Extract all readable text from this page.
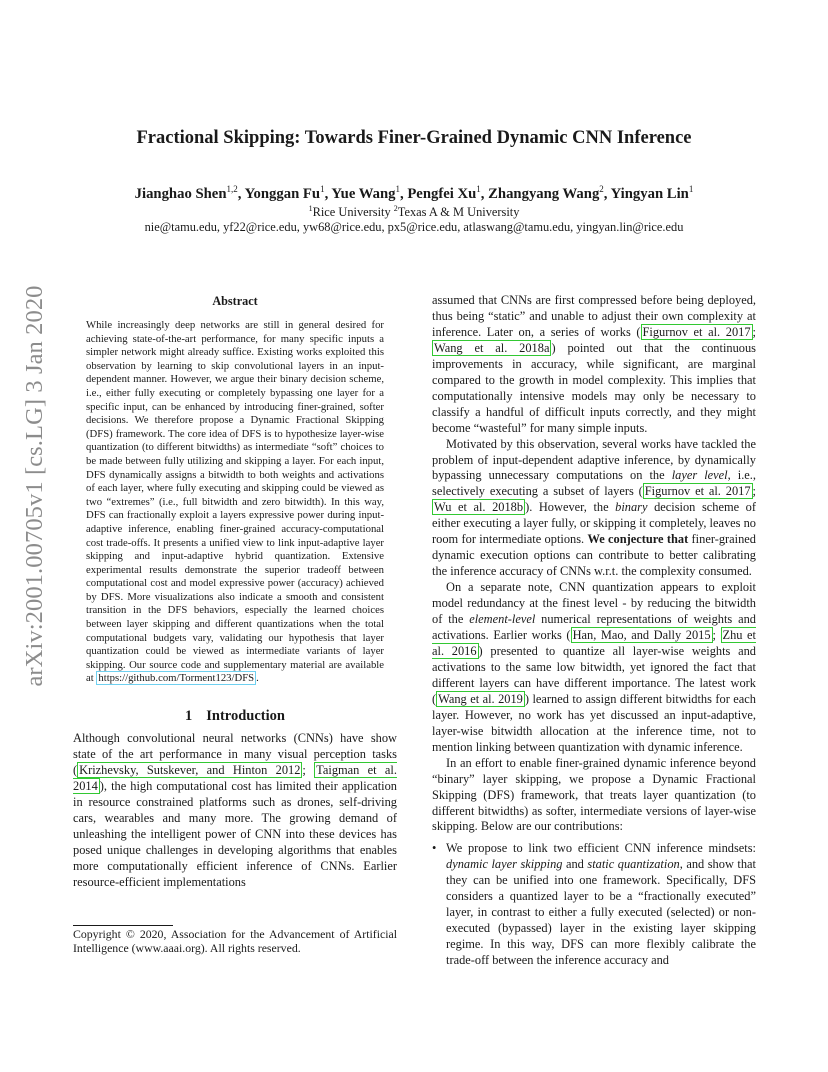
arXiv:2001.00705v1 [cs.LG] 3 Jan 2020
Fractional Skipping: Towards Finer-Grained Dynamic CNN Inference
Jianghao Shen$^{1,2}$, Yonggan Fu$^1$, Yue Wang$^1$, Pengfei Xu$^1$, Zhangyang Wang$^2$, Yingyan Lin$^1$
$^1$Rice University $^2$Texas A & M University
nie@tamu.edu, yf22@rice.edu, yw68@rice.edu, px5@rice.edu, atlaswang@tamu.edu, yingyan.lin@rice.edu
Abstract
While increasingly deep networks are still in general desired for achieving state-of-the-art performance, for many specific inputs a simpler network might already suffice. Existing works exploited this observation by learning to skip convolutional layers in an input-dependent manner. However, we argue their binary decision scheme, i.e., either fully executing or completely bypassing one layer for a specific input, can be enhanced by introducing finer-grained, softer decisions. We therefore propose a Dynamic Fractional Skipping (DFS) framework. The core idea of DFS is to hypothesize layer-wise quantization (to different bitwidths) as intermediate “soft” choices to be made between fully utilizing and skipping a layer. For each input, DFS dynamically assigns a bitwidth to both weights and activations of each layer, where fully executing and skipping could be viewed as two “extremes” (i.e., full bitwidth and zero bitwidth). In this way, DFS can fractionally exploit a layers expressive power during input-adaptive inference, enabling finer-grained accuracy-computational cost trade-offs. It presents a unified view to link input-adaptive layer skipping and input-adaptive hybrid quantization. Extensive experimental results demonstrate the superior tradeoff between computational cost and model expressive power (accuracy) achieved by DFS. More visualizations also indicate a smooth and consistent transition in the DFS behaviors, especially the learned choices between layer skipping and different quantizations when the total computational budgets vary, validating our hypothesis that layer quantization could be viewed as intermediate variants of layer skipping. Our source code and supplementary material are available at https://github.com/Torment123/DFS .
1 Introduction

Although convolutional neural networks (CNNs) have show state of the art performance in many visual perception tasks ( Krizhevsky, Sutskever, and Hinton 2012 ; Taigman et al. 2014 ), the high computational cost has limited their application in resource constrained platforms such as drones, self-driving cars, wearables and many more. The growing demand of unleashing the intelligent power of CNN into these devices has posed unique challenges in developing algorithms that enables more computationally efficient inference of CNNs. Earlier resource-efficient implementations

Copyright © 2020, Association for the Advancement of Artificial Intelligence (www.aaai.org). All rights reserved.

assumed that CNNs are first compressed before being deployed, thus being “static” and unable to adjust their own complexity at inference. Later on, a series of works ( Figurnov et al. 2017 ; Wang et al. 2018a ) pointed out that the continuous improvements in accuracy, while significant, are marginal compared to the growth in model complexity. This implies that computationally intensive models may only be necessary to classify a handful of difficult inputs correctly, and they might become “wasteful” for many simple inputs.

Motivated by this observation, several works have tackled the problem of input-dependent adaptive inference, by dynamically bypassing unnecessary computations on the layer level, i.e., selectively executing a subset of layers ( Figurnov et al. 2017 ; Wu et al. 2018b ). However, the binary decision scheme of either executing a layer fully, or skipping it completely, leaves no room for intermediate options. We conjecture that finer-grained dynamic execution options can contribute to better calibrating the inference accuracy of CNNs w.r.t. the complexity consumed.

On a separate note, CNN quantization appears to exploit model redundancy at the finest level - by reducing the bitwidth of the element-level numerical representations of weights and activations. Earlier works ( Han, Mao, and Dally 2015 ; Zhu et al. 2016 ) presented to quantize all layer-wise weights and activations to the same low bitwidth, yet ignored the fact that different layers can have different importance. The latest work ( Wang et al. 2019 ) learned to assign different bitwidths for each layer. However, no work has yet discussed an input-adaptive, layer-wise bitwidth allocation at the inference time, not to mention linking between quantization with dynamic inference.

In an effort to enable finer-grained dynamic inference beyond “binary” layer skipping, we propose a Dynamic Fractional Skipping (DFS) framework, that treats layer quantization (to different bitwidths) as softer, intermediate versions of layer-wise skipping. Below are our contributions:

• We propose to link two efficient CNN inference mindsets: dynamic layer skipping and static quantization, and show that they can be unified into one framework. Specifically, DFS considers a quantized layer to be a “fractionally executed” layer, in contrast to either a fully executed (selected) or non-executed (bypassed) layer in the existing layer skipping regime. In this way, DFS can more flexibly calibrate the trade-off between the inference accuracy and
